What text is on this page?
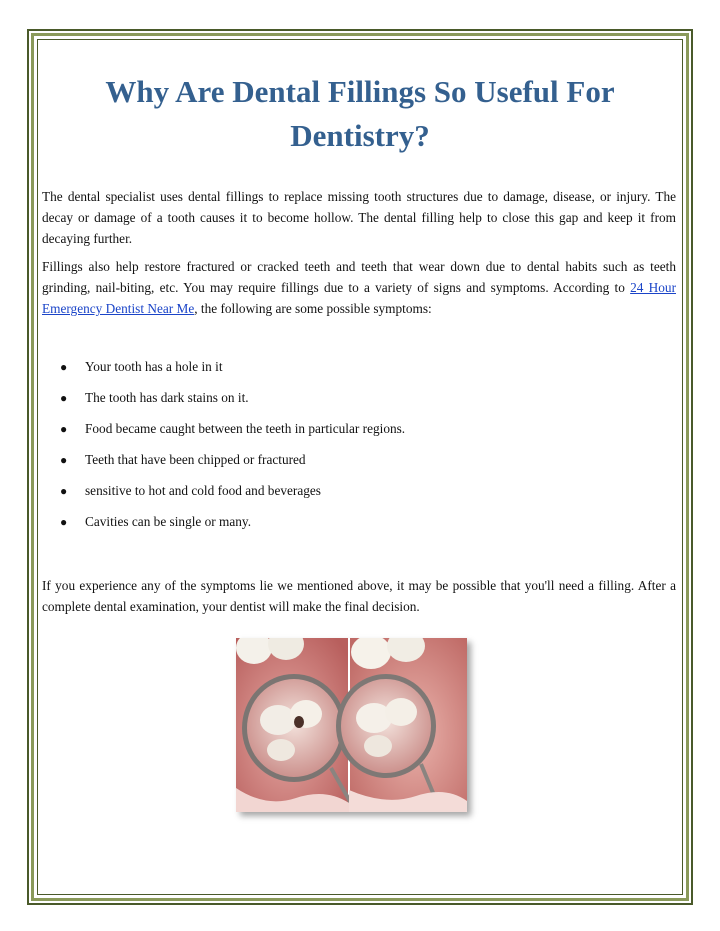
Why Are Dental Fillings So Useful For Dentistry?

The dental specialist uses dental fillings to replace missing tooth structures due to damage, disease, or injury. The decay or damage of a tooth causes it to become hollow. The dental filling help to close this gap and keep it from decaying further.

Fillings also help restore fractured or cracked teeth and teeth that wear down due to dental habits such as teeth grinding, nail-biting, etc. You may require fillings due to a variety of signs and symptoms. According to 24 Hour Emergency Dentist Near Me, the following are some possible symptoms:

● Your tooth has a hole in it
● The tooth has dark stains on it.
● Food became caught between the teeth in particular regions.
● Teeth that have been chipped or fractured
● sensitive to hot and cold food and beverages
● Cavities can be single or many.

If you experience any of the symptoms lie we mentioned above, it may be possible that you'll need a filling. After a complete dental examination, your dentist will make the final decision.
